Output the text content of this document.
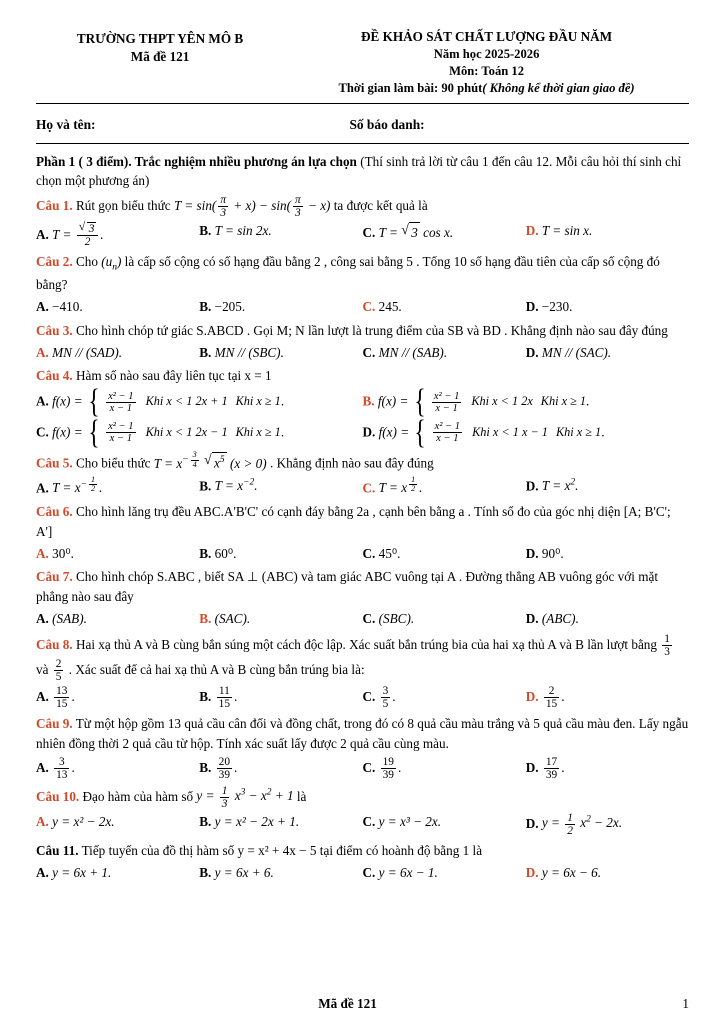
TRƯỜNG THPT YÊN MÔ B
Mã đề 121
ĐỀ KHẢO SÁT CHẤT LƯỢNG ĐẦU NĂM
Năm học 2025-2026
Môn: Toán 12
Thời gian làm bài: 90 phút( Không kể thời gian giao đề)
Họ và tên:	Số báo danh:
Phần 1 ( 3 điểm). Trắc nghiệm nhiều phương án lựa chọn (Thí sinh trả lời từ câu 1 đến câu 12. Mỗi câu hỏi thí sinh chỉ chọn một phương án)
Câu 1. Rút gọn biểu thức $T = \sin( \frac{\pi}{3} + x) - \sin( \frac{\pi}{3} - x)$ ta được kết quả là
A. T = √ $\frac{3}{2}$ .	B. T = sin 2x.	C. T = √ 3 cos x.	D. T = sin x.
Câu 2. Cho $(u_n)$ là cấp số cộng có số hạng đầu bằng 2 , công sai bằng 5 . Tổng 10 số hạng đầu tiên của cấp số cộng đó bằng?
A. −410.	B. −205.	C. 245.	D. −230.
Câu 3. Cho hình chóp tứ giác S.ABCD . Gọi M; N lần lượt là trung điểm của SB và BD . Khẳng định nào sau đây đúng
A. MN // (SAD).	B. MN // (SBC).	C. MN // (SAB).	D. MN // (SAC).
Câu 4. Hàm số nào sau đây liên tục tại x = 1
A. f(x) = { $\frac{\text{x² − 1}}{x - 1}$ Khi x < 1 2x + 1 Khi x ≥ 1 .	B. f(x) = { $\frac{\text{x² − 1}}{x - 1}$ Khi x < 1 2x Khi x ≥ 1 .
C. f(x) = { $\frac{\text{x² − 1}}{x - 1}$ Khi x < 1 2x − 1 Khi x ≥ 1 .	D. f(x) = { $\frac{\text{x² − 1}}{x - 1}$ Khi x < 1 x − 1 Khi x ≥ 1 .
Câu 5. Cho biểu thức $T = x^{- \frac{3}{4}}$ √ $x^5$ (x > 0) . Khẳng định nào sau đây đúng
A. $T = x^{- \frac{1}{2}}$ .	B. $T = x^{-2}$.	C. T = x $^{\frac{1}{2}}$ .	D. $T = x^2$.
Câu 6. Cho hình lăng trụ đều ABC.A'B'C' có cạnh đáy bằng 2a , cạnh bên bằng a . Tính số đo của góc nhị diện [A; B'C'; A']
A. 30⁰.	B. 60⁰.	C. 45⁰.	D. 90⁰.
Câu 7. Cho hình chóp S.ABC , biết SA ⊥ (ABC) và tam giác ABC vuông tại A . Đường thẳng AB vuông góc với mặt phẳng nào sau đây
A. (SAB).	B. (SAC).	C. (SBC).	D. (ABC).
Câu 8. Hai xạ thủ A và B cùng bắn súng một cách độc lập. Xác suất bắn trúng bia của hai xạ thủ A và B lần lượt bằng $\frac{1}{3}$
và $\frac{2}{5}$ . Xác suất để cả hai xạ thủ A và B cùng bắn trúng bia là:
A. $\frac{13}{15}$ .	B. $\frac{11}{15}$ .	C. $\frac{3}{5}$ .	D. $\frac{2}{15}$ .
Câu 9. Từ một hộp gồm 13 quả cầu cân đối và đồng chất, trong đó có 8 quả cầu màu trắng và 5 quả cầu màu đen. Lấy ngẫu nhiên đồng thời 2 quả cầu từ hộp. Tính xác suất lấy được 2 quả cầu cùng màu.
A. $\frac{3}{13}$ .	B. $\frac{20}{39}$ .	C. $\frac{19}{39}$ .	D. $\frac{17}{39}$ .
Câu 10. Đạo hàm của hàm số $y = \frac{1}{3} x^3 - x^2 + 1$ là
A. y = x² − 2x.	B. y = x² − 2x + 1.	C. y = x³ − 2x.	D. $y = \frac{1}{2} x^2 - 2x$.
Câu 11. Tiếp tuyến của đồ thị hàm số y = x² + 4x − 5 tại điểm có hoành độ bằng 1 là
A. y = 6x + 1.	B. y = 6x + 6.	C. y = 6x − 1.	D. y = 6x − 6.
Mã đề 121	1
